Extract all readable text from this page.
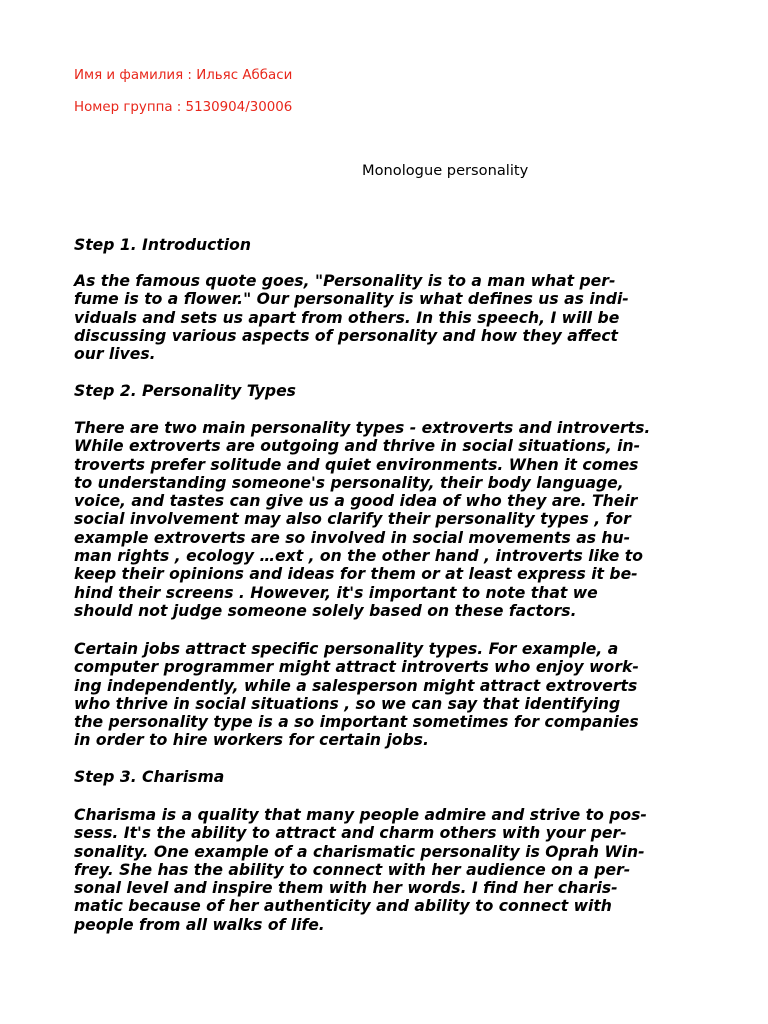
Имя и фамилия : Ильяс Аббаси
Номер группа : 5130904/30006
Monologue personality
Step 1. Introduction
As the famous quote goes, "Personality is to a man what per-
fume is to a flower." Our personality is what defines us as indi-
viduals and sets us apart from others. In this speech, I will be
discussing various aspects of personality and how they affect
our lives.
Step 2. Personality Types
There are two main personality types - extroverts and introverts.
While extroverts are outgoing and thrive in social situations, in-
troverts prefer solitude and quiet environments. When it comes
to understanding someone's personality, their body language,
voice, and tastes can give us a good idea of who they are. Their
social involvement may also clarify their personality types , for
example extroverts are so involved in social movements as hu-
man rights , ecology …ext , on the other hand , introverts like to
keep their opinions and ideas for them or at least express it be-
hind their screens . However, it's important to note that we
should not judge someone solely based on these factors.
Certain jobs attract specific personality types. For example, a
computer programmer might attract introverts who enjoy work-
ing independently, while a salesperson might attract extroverts
who thrive in social situations , so we can say that identifying
the personality type is a so important sometimes for companies
in order to hire workers for certain jobs.
Step 3. Charisma
Charisma is a quality that many people admire and strive to pos-
sess. It's the ability to attract and charm others with your per-
sonality. One example of a charismatic personality is Oprah Win-
frey. She has the ability to connect with her audience on a per-
sonal level and inspire them with her words. I find her charis-
matic because of her authenticity and ability to connect with
people from all walks of life.
